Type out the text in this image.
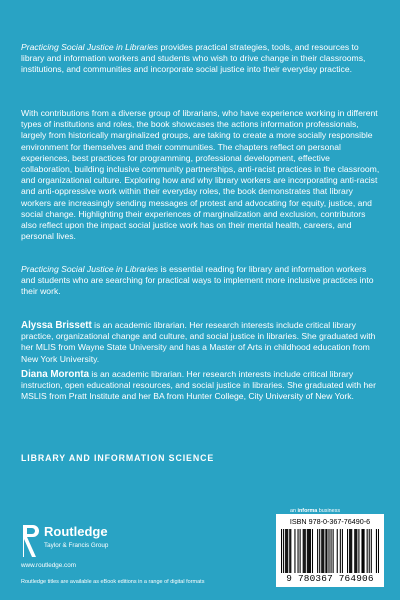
Practicing Social Justice in Libraries provides practical strategies, tools, and resources to library and information workers and students who wish to drive change in their classrooms, institutions, and communities and incorporate social justice into their everyday practice.

With contributions from a diverse group of librarians, who have experience working in different types of institutions and roles, the book showcases the actions information professionals, largely from historically marginalized groups, are taking to create a more socially responsible environment for themselves and their communities. The chapters reflect on personal experiences, best practices for programming, professional development, effective collaboration, building inclusive community partnerships, anti-racist practices in the classroom, and organizational culture. Exploring how and why library workers are incorporating anti-racist and anti-oppressive work within their everyday roles, the book demonstrates that library workers are increasingly sending messages of protest and advocating for equity, justice, and social change. Highlighting their experiences of marginalization and exclusion, contributors also reflect upon the impact social justice work has on their mental health, careers, and personal lives.

Practicing Social Justice in Libraries is essential reading for library and information workers and students who are searching for practical ways to implement more inclusive practices into their work.

Alyssa Brissett is an academic librarian. Her research interests include critical library practice, organizational change and culture, and social justice in libraries. She graduated with her MLIS from Wayne State University and has a Master of Arts in childhood education from New York University.

Diana Moronta is an academic librarian. Her research interests include critical library instruction, open educational resources, and social justice in libraries. She graduated with her MSLIS from Pratt Institute and her BA from Hunter College, City University of New York.

LIBRARY AND INFORMATION SCIENCE
Routledge
Taylor & Francis Group
www.routledge.com
Routledge titles are available as eBook editions in a range of digital formats
an informa business
ISBN 978-0-367-76490-6
9 780367 764906
